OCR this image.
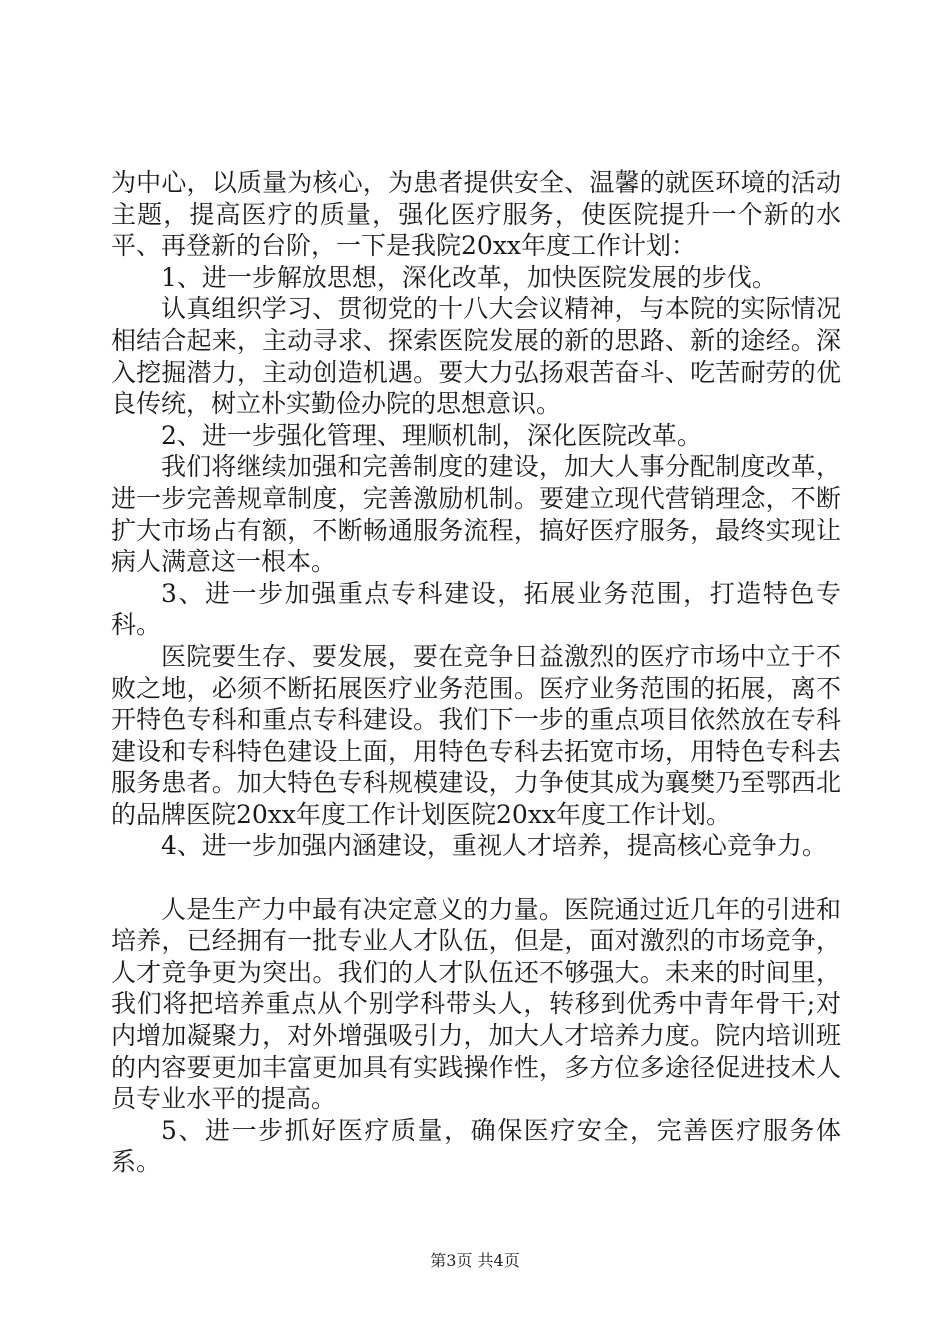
为中心，以质量为核心，为患者提供安全、温馨的就医环境的活动主题，提高医疗的质量，强化医疗服务，使医院提升一个新的水平、再登新的台阶，一下是我院20xx年度工作计划：

1、进一步解放思想，深化改革，加快医院发展的步伐。

认真组织学习、贯彻党的十八大会议精神，与本院的实际情况相结合起来，主动寻求、探索医院发展的新的思路、新的途经。深入挖掘潜力，主动创造机遇。要大力弘扬艰苦奋斗、吃苦耐劳的优良传统，树立朴实勤俭办院的思想意识。

2、进一步强化管理、理顺机制，深化医院改革。

我们将继续加强和完善制度的建设，加大人事分配制度改革，进一步完善规章制度，完善激励机制。要建立现代营销理念，不断扩大市场占有额，不断畅通服务流程，搞好医疗服务，最终实现让病人满意这一根本。

3、进一步加强重点专科建设，拓展业务范围，打造特色专科。

医院要生存、要发展，要在竞争日益激烈的医疗市场中立于不败之地，必须不断拓展医疗业务范围。医疗业务范围的拓展，离不开特色专科和重点专科建设。我们下一步的重点项目依然放在专科建设和专科特色建设上面，用特色专科去拓宽市场，用特色专科去服务患者。加大特色专科规模建设，力争使其成为襄樊乃至鄂西北的品牌医院20xx年度工作计划医院20xx年度工作计划。

4、进一步加强内涵建设，重视人才培养，提高核心竞争力。

人是生产力中最有决定意义的力量。医院通过近几年的引进和培养，已经拥有一批专业人才队伍，但是，面对激烈的市场竞争，人才竞争更为突出。我们的人才队伍还不够强大。未来的时间里，我们将把培养重点从个别学科带头人，转移到优秀中青年骨干;对内增加凝聚力，对外增强吸引力，加大人才培养力度。院内培训班的内容要更加丰富更加具有实践操作性，多方位多途径促进技术人员专业水平的提高。

5、进一步抓好医疗质量，确保医疗安全，完善医疗服务体系。

第3页 共4页
